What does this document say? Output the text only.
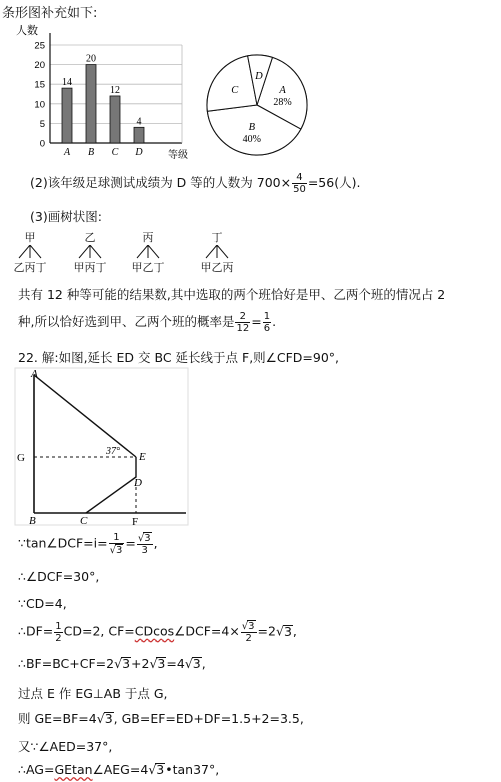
条形图补充如下:
0
5
10
15
20
25
人数
等级
14
A
20
B
12
C
4
D
A
28%
B
40%
C
D
(2)该年级足球测试成绩为 D 等的人数为 $700\times \frac{4}{50} =56$(人).
(3)画树状图:
甲
乙丙丁
乙
甲丙丁
丙
甲乙丁
丁
甲乙丙
共有 12 种等可能的结果数,其中选取的两个班恰好是甲、乙两个班的情况占 2
种,所以恰好选到甲、乙两个班的概率是 $\frac{2}{12} = \frac{1}{6}$ .
22. 解:如图,延长 ED 交 BC 延长线于点 F,则∠CFD=90°,
A
G	E
D
B	C	F
37°
∵tan∠DCF=i= $\frac{1}{√3} = \frac{√3}{3}$ ,
∴∠DCF=30°,
∵CD=4,
∴DF= $\frac{1}{2} CD=2$, CF=CDcos∠DCF=4× $\frac{√3}{2} =2√3$,
∴BF=BC+CF=2√3+2√3=4√3,
过点 E 作 EG⊥AB 于点 G,
则 GE=BF=4√3, GB=EF=ED+DF=1.5+2=3.5,
又∵∠AED=37°,
∴AG=GEtan∠AEG=4√3•tan37°,
